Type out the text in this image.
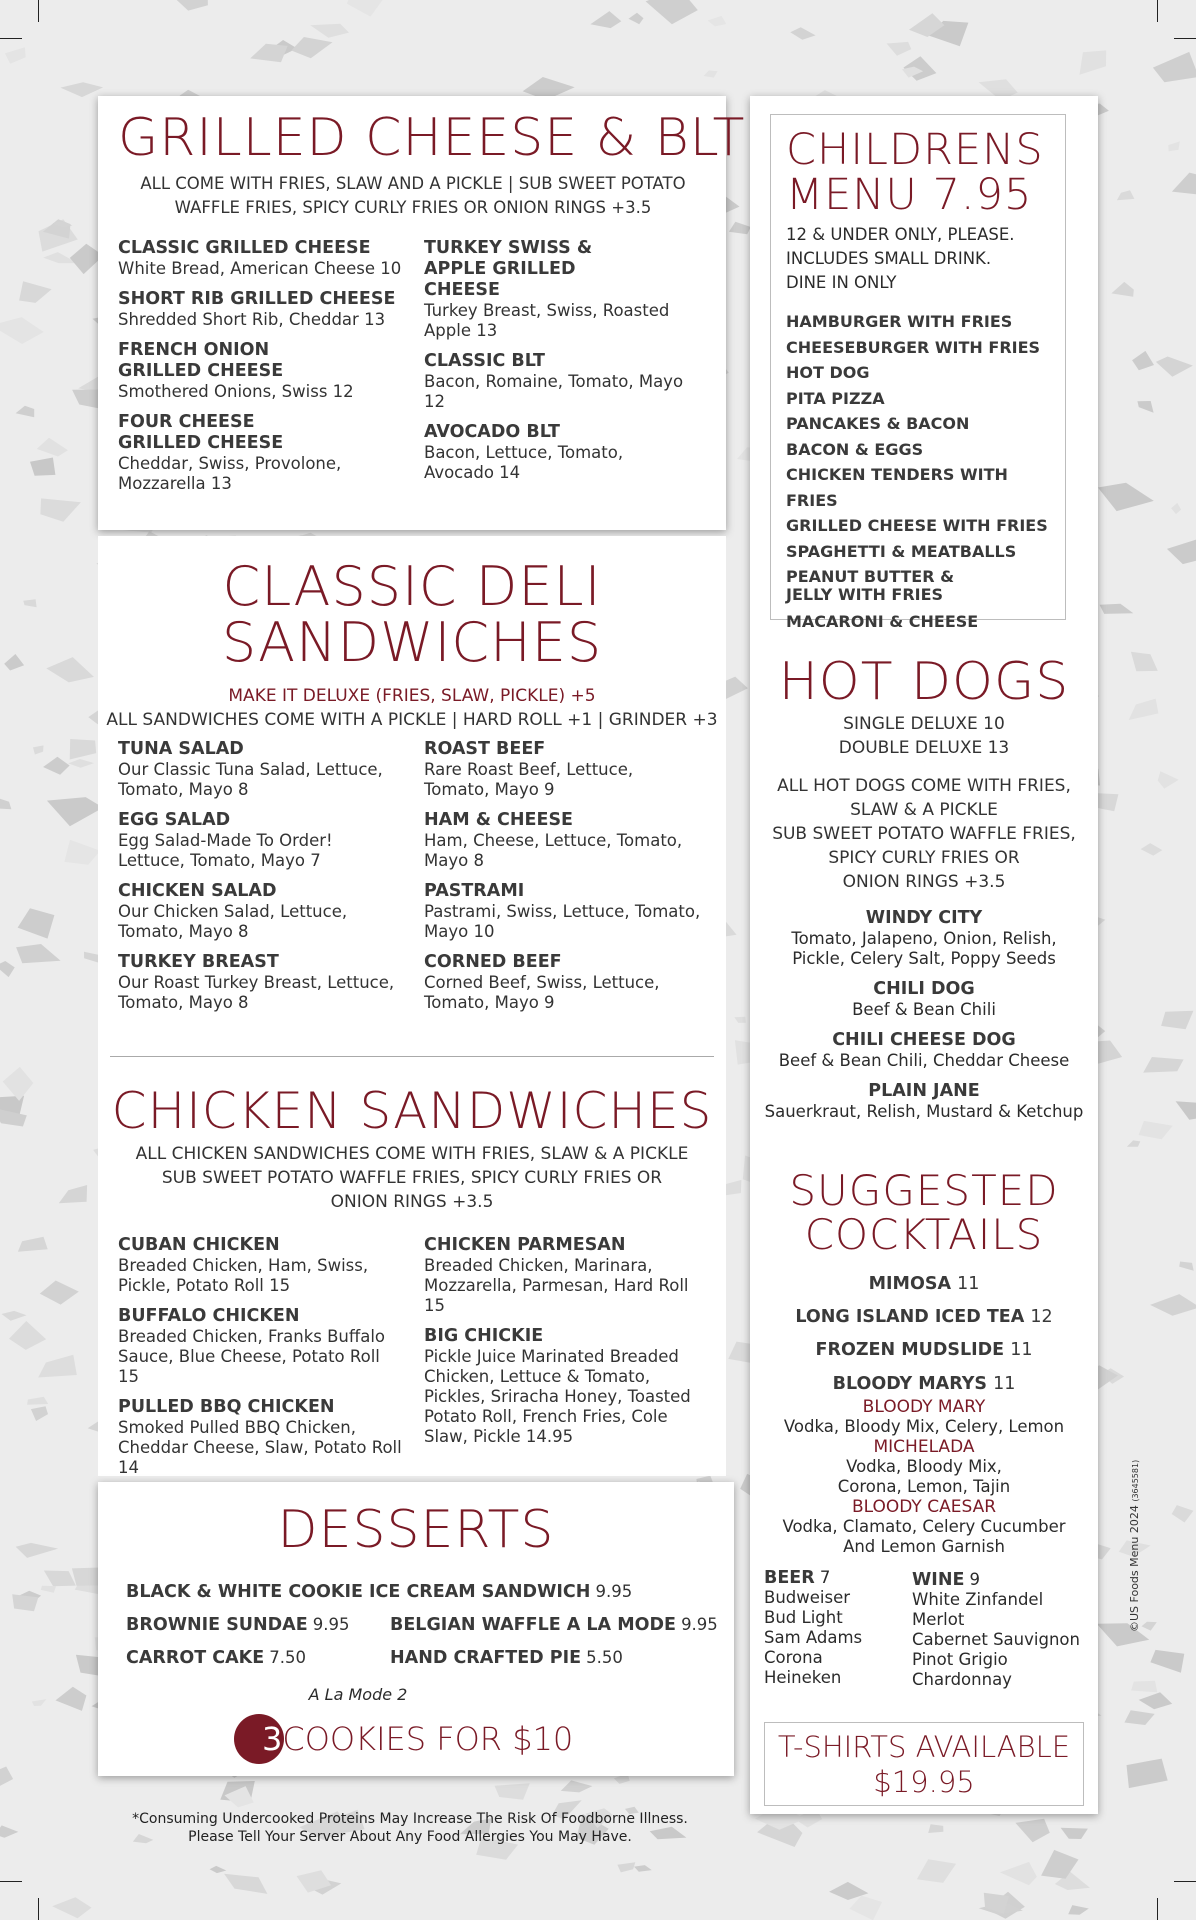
GRILLED CHEESE & BLT
ALL COME WITH FRIES, SLAW AND A PICKLE | SUB SWEET POTATO
WAFFLE FRIES, SPICY CURLY FRIES OR ONION RINGS +3.5
CLASSIC GRILLED CHEESE
White Bread, American Cheese 10
SHORT RIB GRILLED CHEESE
Shredded Short Rib, Cheddar 13
FRENCH ONION GRILLED CHEESE
Smothered Onions, Swiss 12
FOUR CHEESE GRILLED CHEESE
Cheddar, Swiss, Provolone, Mozzarella 13
TURKEY SWISS & APPLE GRILLED CHEESE
Turkey Breast, Swiss, Roasted Apple 13
CLASSIC BLT
Bacon, Romaine, Tomato, Mayo 12
AVOCADO BLT
Bacon, Lettuce, Tomato, Avocado 14
CLASSIC DELI
SANDWICHES
MAKE IT DELUXE (FRIES, SLAW, PICKLE) +5
ALL SANDWICHES COME WITH A PICKLE | HARD ROLL +1 | GRINDER +3
TUNA SALAD
Our Classic Tuna Salad, Lettuce, Tomato, Mayo 8
EGG SALAD
Egg Salad-Made To Order! Lettuce, Tomato, Mayo 7
CHICKEN SALAD
Our Chicken Salad, Lettuce, Tomato, Mayo 8
TURKEY BREAST
Our Roast Turkey Breast, Lettuce, Tomato, Mayo 8
ROAST BEEF
Rare Roast Beef, Lettuce, Tomato, Mayo 9
HAM & CHEESE
Ham, Cheese, Lettuce, Tomato, Mayo 8
PASTRAMI
Pastrami, Swiss, Lettuce, Tomato, Mayo 10
CORNED BEEF
Corned Beef, Swiss, Lettuce, Tomato, Mayo 9
CHICKEN SANDWICHES
ALL CHICKEN SANDWICHES COME WITH FRIES, SLAW & A PICKLE
SUB SWEET POTATO WAFFLE FRIES, SPICY CURLY FRIES OR
ONION RINGS +3.5
CUBAN CHICKEN
Breaded Chicken, Ham, Swiss, Pickle, Potato Roll 15
BUFFALO CHICKEN
Breaded Chicken, Franks Buffalo Sauce, Blue Cheese, Potato Roll 15
PULLED BBQ CHICKEN
Smoked Pulled BBQ Chicken, Cheddar Cheese, Slaw, Potato Roll 14
CHICKEN PARMESAN
Breaded Chicken, Marinara, Mozzarella, Parmesan, Hard Roll 15
BIG CHICKIE
Pickle Juice Marinated Breaded Chicken, Lettuce & Tomato, Pickles, Sriracha Honey, Toasted Potato Roll, French Fries, Cole Slaw, Pickle 14.95
DESSERTS
BLACK & WHITE COOKIE ICE CREAM SANDWICH 9.95
BROWNIE SUNDAE 9.95 BELGIAN WAFFLE A LA MODE 9.95
CARROT CAKE 7.50	HAND CRAFTED PIE 5.50
A La Mode 2
3COOKIES FOR $10
*Consuming Undercooked Proteins May Increase The Risk Of Foodborne Illness.
Please Tell Your Server About Any Food Allergies You May Have.
CHILDRENS
MENU 7.95
12 & UNDER ONLY, PLEASE.
INCLUDES SMALL DRINK.
DINE IN ONLY
HAMBURGER WITH FRIES
CHEESEBURGER WITH FRIES
HOT DOG
PITA PIZZA
PANCAKES & BACON
BACON & EGGS
CHICKEN TENDERS WITH FRIES
GRILLED CHEESE WITH FRIES
SPAGHETTI & MEATBALLS
PEANUT BUTTER & JELLY WITH FRIES
MACARONI & CHEESE
HOT DOGS
SINGLE DELUXE 10
DOUBLE DELUXE 13
ALL HOT DOGS COME WITH FRIES,
SLAW & A PICKLE
SUB SWEET POTATO WAFFLE FRIES,
SPICY CURLY FRIES OR
ONION RINGS +3.5
WINDY CITY
Tomato, Jalapeno, Onion, Relish, Pickle, Celery Salt, Poppy Seeds
CHILI DOG
Beef & Bean Chili
CHILI CHEESE DOG
Beef & Bean Chili, Cheddar Cheese
PLAIN JANE
Sauerkraut, Relish, Mustard & Ketchup
SUGGESTED
COCKTAILS
MIMOSA 11
LONG ISLAND ICED TEA 12
FROZEN MUDSLIDE 11
BLOODY MARYS 11
BLOODY MARY
Vodka, Bloody Mix, Celery, Lemon
MICHELADA
Vodka, Bloody Mix, Corona, Lemon, Tajin
BLOODY CAESAR
Vodka, Clamato, Celery Cucumber And Lemon Garnish
BEER 7
Budweiser
Bud Light
Sam Adams
Corona
Heineken
WINE 9
White Zinfandel
Merlot
Cabernet Sauvignon
Pinot Grigio
Chardonnay
T-SHIRTS AVAILABLE
$19.95
©US Foods Menu 2024 (3645581)
